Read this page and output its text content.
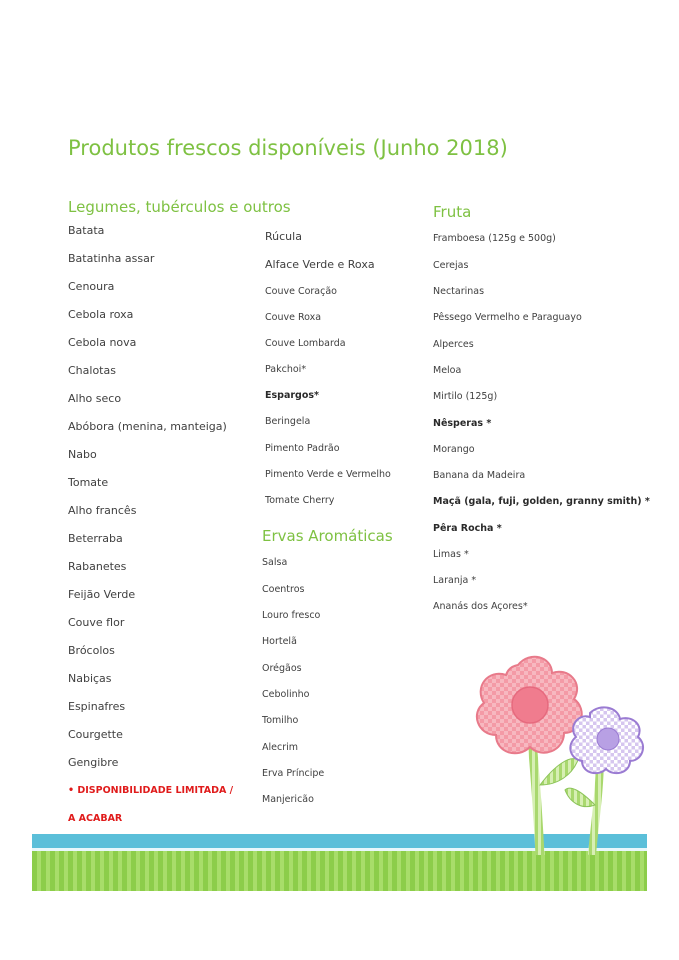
Produtos frescos disponíveis (Junho 2018)
Legumes, tubérculos e outros
Batata
Batatinha assar
Cenoura
Cebola roxa
Cebola nova
Chalotas
Alho seco
Abóbora (menina, manteiga)
Nabo
Tomate
Alho francês
Beterraba
Rabanetes
Feijão Verde
Couve flor
Brócolos
Nabiças
Espinafres
Courgette
Gengibre
• DISPONIBILIDADE LIMITADA /
A ACABAR
Rúcula
Alface Verde e Roxa
Couve Coração
Couve Roxa
Couve Lombarda
Pakchoi*
Espargos*
Beringela
Pimento Padrão
Pimento Verde e Vermelho
Tomate Cherry
Ervas Aromáticas
Salsa
Coentros
Louro fresco
Hortelã
Orégãos
Cebolinho
Tomilho
Alecrim
Erva Príncipe
Manjericão
Fruta
Framboesa (125g e 500g)
Cerejas
Nectarinas
Pêssego Vermelho e Paraguayo
Alperces
Meloa
Mirtilo (125g)
Nêsperas *
Morango
Banana da Madeira
Maçã (gala, fuji, golden, granny smith) *
Pêra Rocha *
Limas *
Laranja *
Ananás dos Açores*
